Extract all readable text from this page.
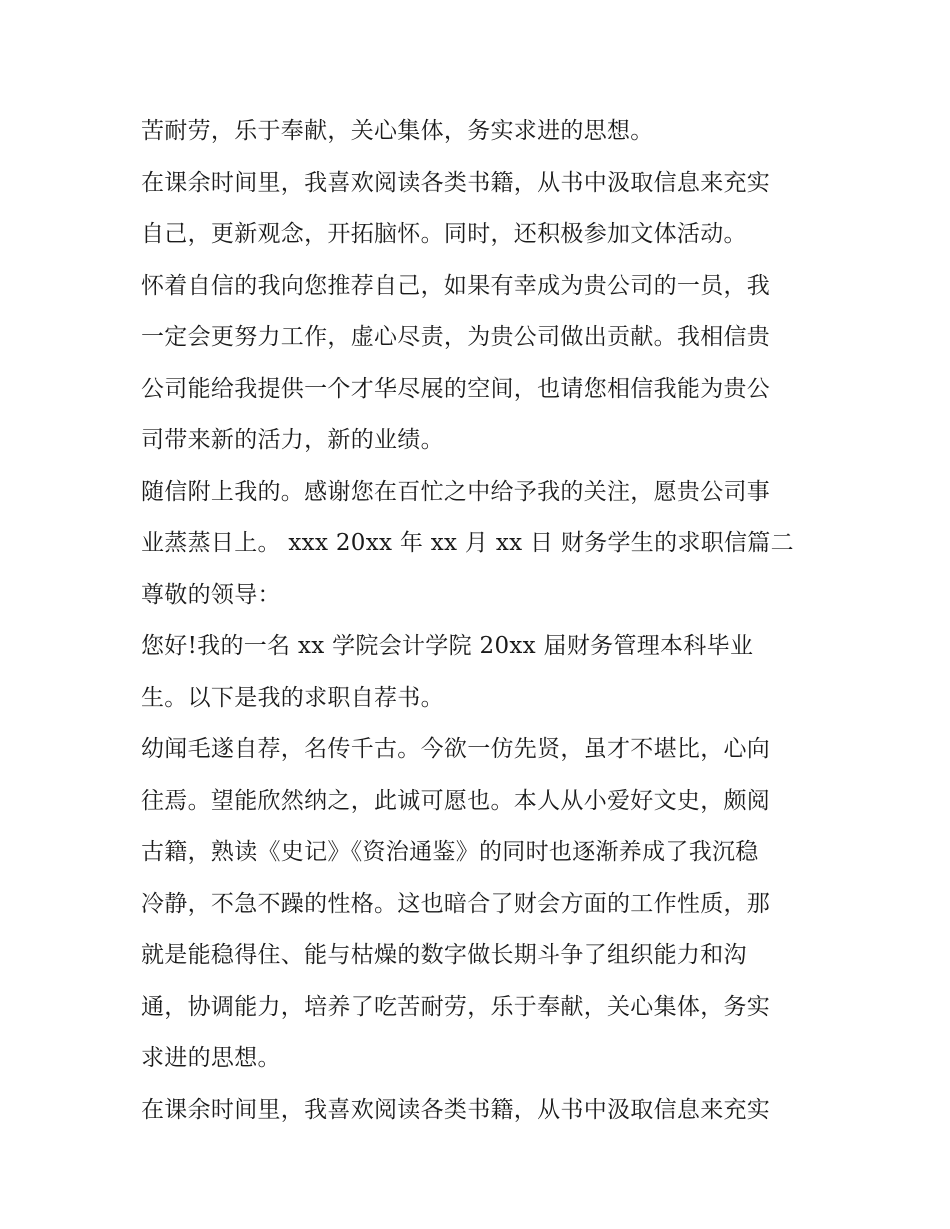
苦耐劳，乐于奉献，关心集体，务实求进的思想。
在课余时间里，我喜欢阅读各类书籍，从书中汲取信息来充实
自己，更新观念，开拓脑怀。同时，还积极参加文体活动。
怀着自信的我向您推荐自己，如果有幸成为贵公司的一员，我
一定会更努力工作，虚心尽责，为贵公司做出贡献。我相信贵
公司能给我提供一个才华尽展的空间，也请您相信我能为贵公
司带来新的活力，新的业绩。
随信附上我的。感谢您在百忙之中给予我的关注，愿贵公司事
业蒸蒸日上。 xxx 20xx 年 xx 月 xx 日 财务学生的求职信篇二
尊敬的领导：
您好!我的一名 xx 学院会计学院 20xx 届财务管理本科毕业
生。以下是我的求职自荐书。
幼闻毛遂自荐，名传千古。今欲一仿先贤，虽才不堪比，心向
往焉。望能欣然纳之，此诚可愿也。本人从小爱好文史，颇阅
古籍，熟读《史记》《资治通鉴》的同时也逐渐养成了我沉稳
冷静，不急不躁的性格。这也暗合了财会方面的工作性质，那
就是能稳得住、能与枯燥的数字做长期斗争了组织能力和沟
通，协调能力，培养了吃苦耐劳，乐于奉献，关心集体，务实
求进的思想。
在课余时间里，我喜欢阅读各类书籍，从书中汲取信息来充实
